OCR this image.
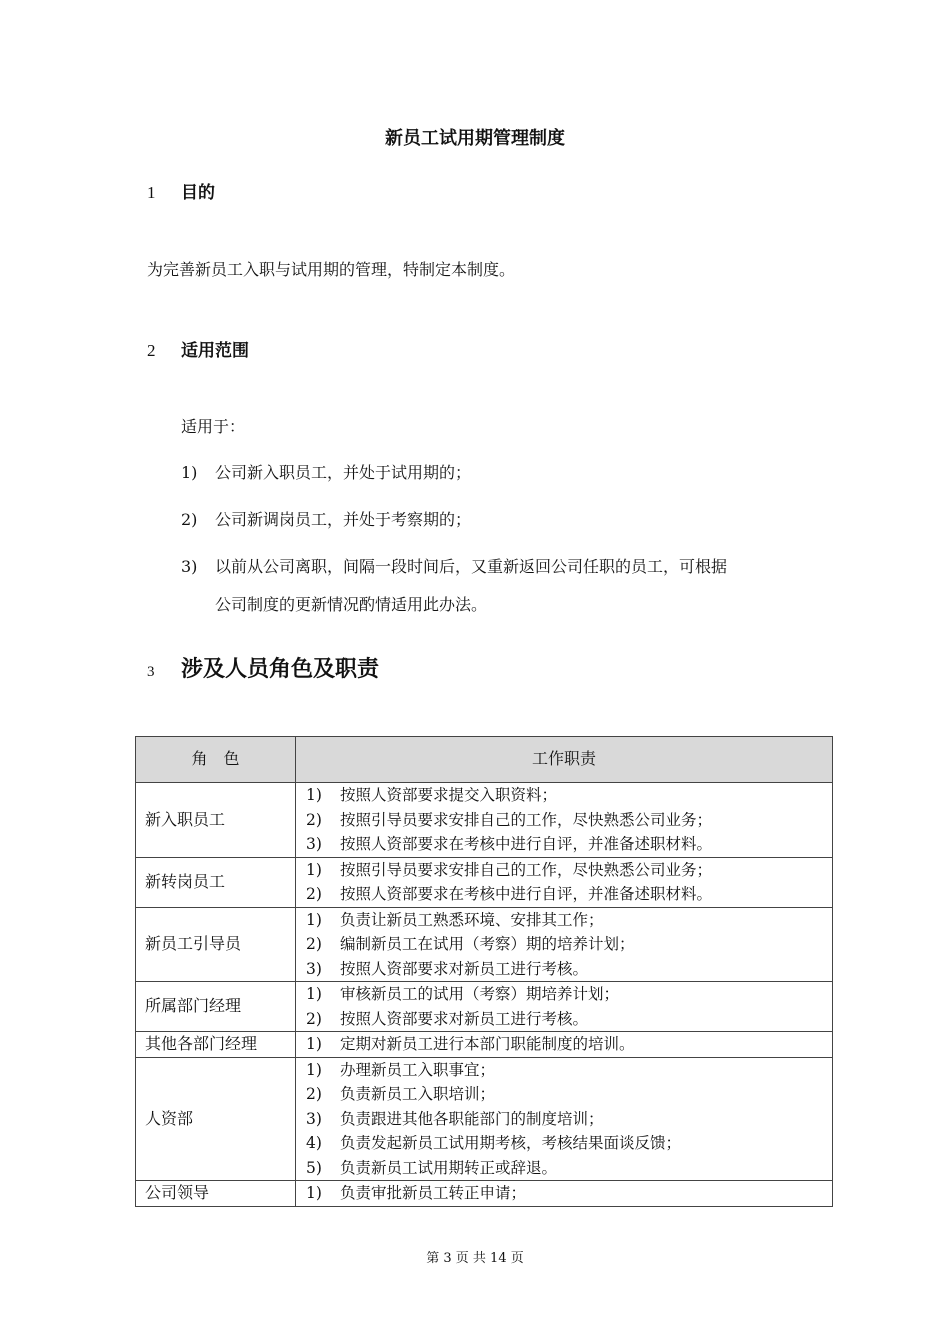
新员工试用期管理制度
1 目的
为完善新员工入职与试用期的管理，特制定本制度。
2 适用范围
适用于：
1) 公司新入职员工，并处于试用期的；
2) 公司新调岗员工，并处于考察期的；
3) 以前从公司离职，间隔一段时间后，又重新返回公司任职的员工，可根据
公司制度的更新情况酌情适用此办法。
3 涉及人员角色及职责
角　色	工作职责
新入职员工	1) 按照人资部要求提交入职资料；
2) 按照引导员要求安排自己的工作，尽快熟悉公司业务；
3) 按照人资部要求在考核中进行自评，并准备述职材料。

新转岗员工	1) 按照引导员要求安排自己的工作，尽快熟悉公司业务；
2) 按照人资部要求在考核中进行自评，并准备述职材料。

新员工引导员	1) 负责让新员工熟悉环境、安排其工作；
2) 编制新员工在试用（考察）期的培养计划；
3) 按照人资部要求对新员工进行考核。

所属部门经理	1) 审核新员工的试用（考察）期培养计划；
2) 按照人资部要求对新员工进行考核。

其他各部门经理	1) 定期对新员工进行本部门职能制度的培训。

人资部	1) 办理新员工入职事宜；
2) 负责新员工入职培训；
3) 负责跟进其他各职能部门的制度培训；
4) 负责发起新员工试用期考核，考核结果面谈反馈；
5) 负责新员工试用期转正或辞退。

公司领导	1) 负责审批新员工转正申请；
第 3 页 共 14 页
